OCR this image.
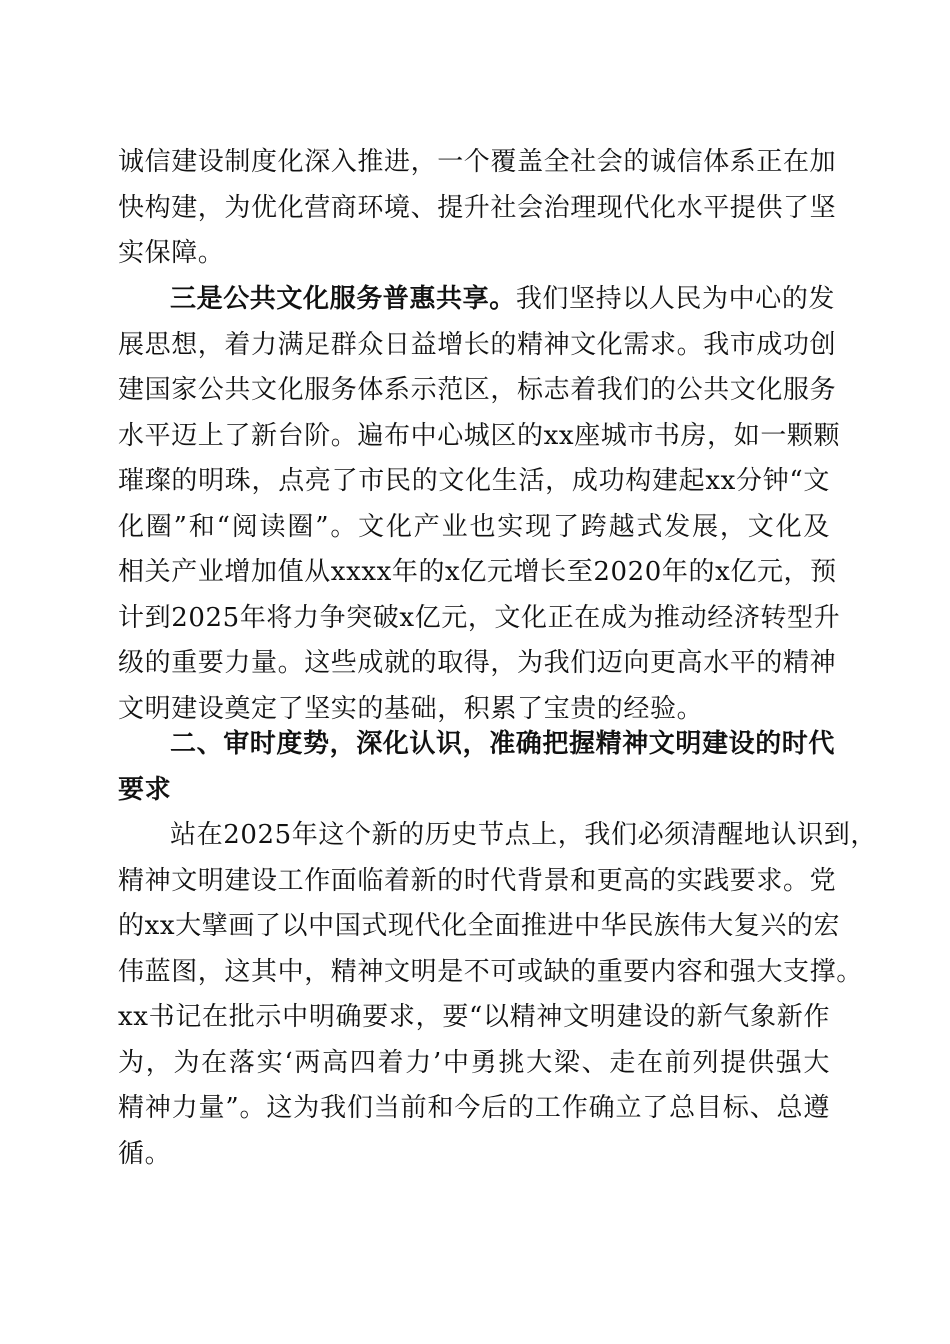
诚信建设制度化深入推进，一个覆盖全社会的诚信体系正在加
快构建，为优化营商环境、提升社会治理现代化水平提供了坚
实保障。
三是公共文化服务普惠共享。 我们坚持以人民为中心的发
展思想，着力满足群众日益增长的精神文化需求。我市成功创
建国家公共文化服务体系示范区，标志着我们的公共文化服务
水平迈上了新台阶。遍布中心城区的xx座城市书房，如一颗颗
璀璨的明珠，点亮了市民的文化生活，成功构建起xx分钟“文
化圈”和“阅读圈”。文化产业也实现了跨越式发展，文化及
相关产业增加值从xxxx年的x亿元增长至2020年的x亿元，预
计到2025年将力争突破x亿元，文化正在成为推动经济转型升
级的重要力量。这些成就的取得，为我们迈向更高水平的精神
文明建设奠定了坚实的基础，积累了宝贵的经验。
二、审时度势，深化认识，准确把握精神文明建设的时代
要求
站在2025年这个新的历史节点上，我们必须清醒地认识到，
精神文明建设工作面临着新的时代背景和更高的实践要求。党
的xx大擘画了以中国式现代化全面推进中华民族伟大复兴的宏
伟蓝图，这其中，精神文明是不可或缺的重要内容和强大支撑。
xx书记在批示中明确要求，要“以精神文明建设的新气象新作
为，为在落实‘两高四着力’中勇挑大梁、走在前列提供强大
精神力量”。这为我们当前和今后的工作确立了总目标、总遵
循。
